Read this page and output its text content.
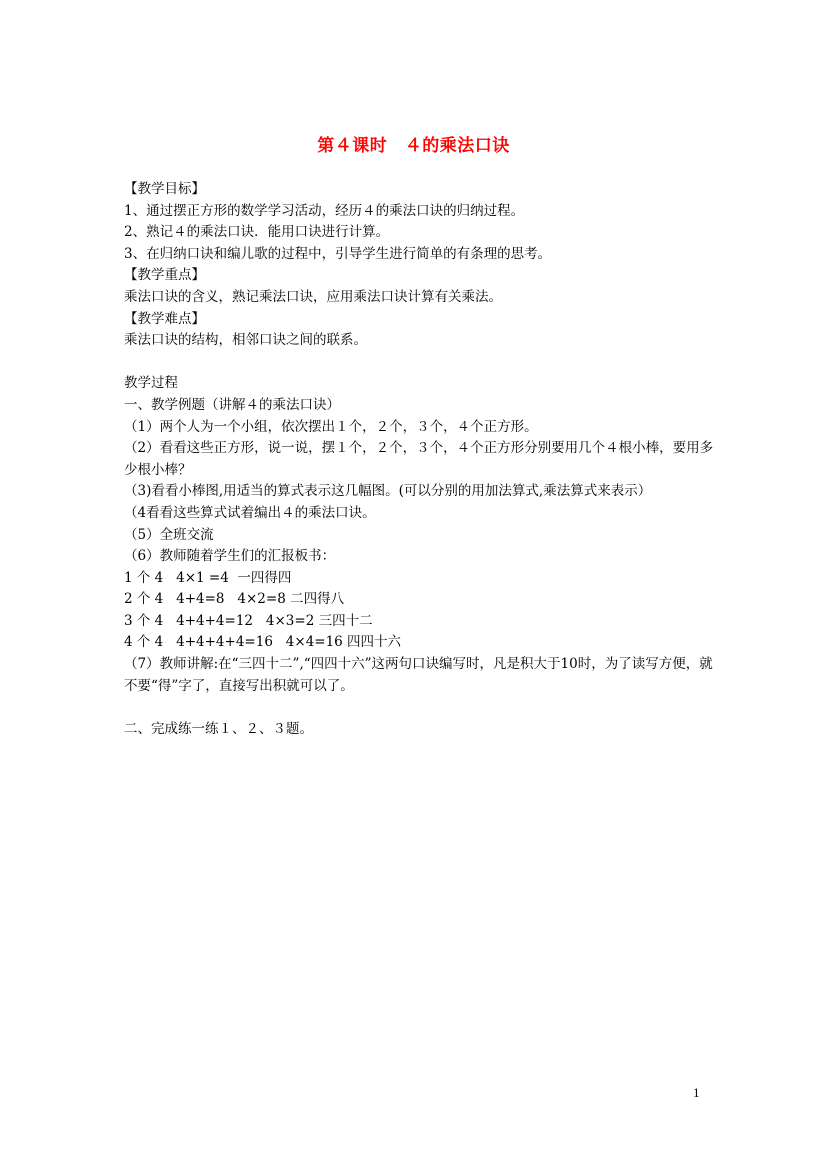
第４课时　４的乘法口诀
【教学目标】
1、通过摆正方形的数学学习活动，经历４的乘法口诀的归纳过程。
2、熟记４的乘法口诀．能用口诀进行计算。
3、在归纳口诀和编儿歌的过程中，引导学生进行简单的有条理的思考。
【教学重点】
乘法口诀的含义，熟记乘法口诀，应用乘法口诀计算有关乘法。
【教学难点】
乘法口诀的结构，相邻口诀之间的联系。
教学过程
一、教学例题（讲解４的乘法口诀）
（1）两个人为一个小组，依次摆出１个，２个，３个，４个正方形。
（2）看看这些正方形，说一说，摆１个，２个，３个，４个正方形分别要用几个４根小棒，要用多少根小棒？
（3)看看小棒图,用适当的算式表示这几幅图。(可以分别的用加法算式,乘法算式来表示）
（4看看这些算式试着编出４的乘法口诀。
（5）全班交流
（6）教师随着学生们的汇报板书：
1 个 4   4×1 =4  一四得四
2 个 4   4+4=8   4×2=8 二四得八
3 个 4   4+4+4=12   4×3=2 三四十二
4 个 4   4+4+4+4=16   4×4=16 四四十六
（7）教师讲解:在“三四十二”,“四四十六”这两句口诀编写时，凡是积大于10时，为了读写方便，就不要“得”字了，直接写出积就可以了。
二、完成练一练１、２、３题。
1
